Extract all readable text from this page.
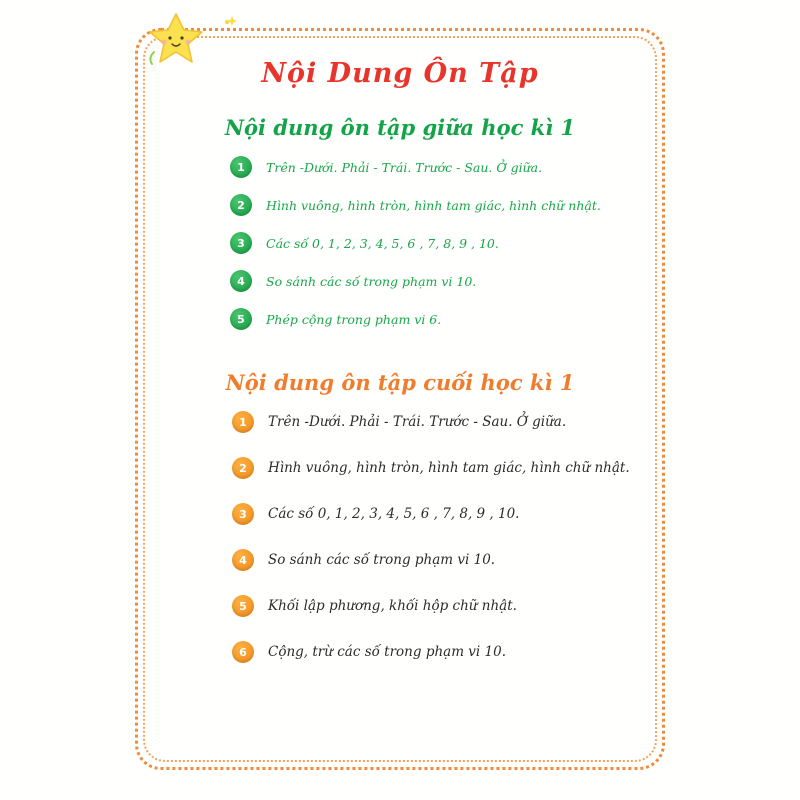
Nội Dung Ôn Tập
Nội dung ôn tập giữa học kì 1
1	Trên -Dưới. Phải - Trái. Trước - Sau. Ở giữa.
2	Hình vuông, hình tròn, hình tam giác, hình chữ nhật.
3	Các số 0, 1, 2, 3, 4, 5, 6 , 7, 8, 9 , 10.
4	So sánh các số trong phạm vi 10.
5	Phép cộng trong phạm vi 6.
Nội dung ôn tập cuối học kì 1
1	Trên -Dưới. Phải - Trái. Trước - Sau. Ở giữa.
2	Hình vuông, hình tròn, hình tam giác, hình chữ nhật.
3	Các số 0, 1, 2, 3, 4, 5, 6 , 7, 8, 9 , 10.
4	So sánh các số trong phạm vi 10.
5	Khối lập phương, khối hộp chữ nhật.
6	Cộng, trừ các số trong phạm vi 10.
